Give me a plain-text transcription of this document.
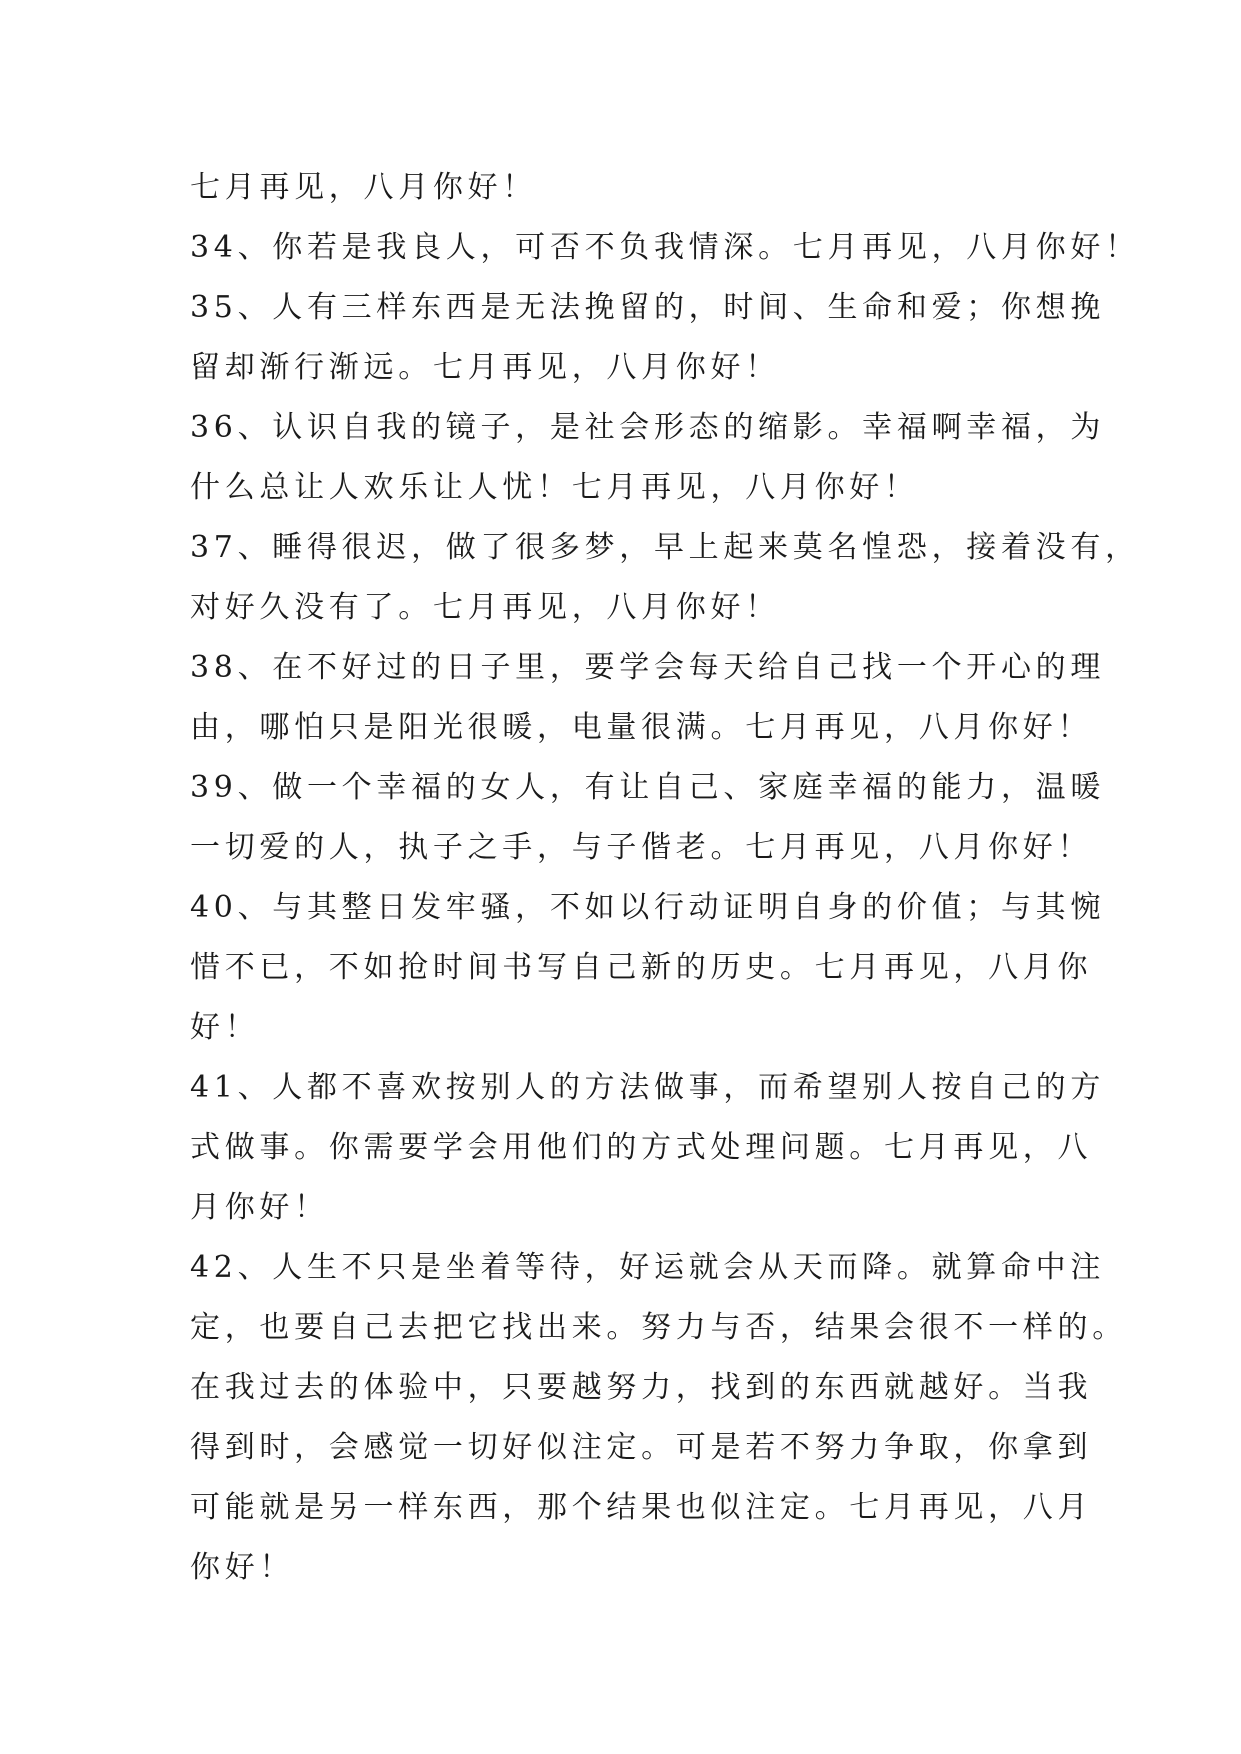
七月再见，八月你好！
34、你若是我良人，可否不负我情深。七月再见，八月你好！
35、人有三样东西是无法挽留的，时间、生命和爱；你想挽
留却渐行渐远。七月再见，八月你好！
36、认识自我的镜子，是社会形态的缩影。幸福啊幸福，为
什么总让人欢乐让人忧！七月再见，八月你好！
37、睡得很迟，做了很多梦，早上起来莫名惶恐，接着没有，
对好久没有了。七月再见，八月你好！
38、在不好过的日子里，要学会每天给自己找一个开心的理
由，哪怕只是阳光很暖，电量很满。七月再见，八月你好！
39、做一个幸福的女人，有让自己、家庭幸福的能力，温暖
一切爱的人，执子之手，与子偕老。七月再见，八月你好！
40、与其整日发牢骚，不如以行动证明自身的价值；与其惋
惜不已，不如抢时间书写自己新的历史。七月再见，八月你
好！
41、人都不喜欢按别人的方法做事，而希望别人按自己的方
式做事。你需要学会用他们的方式处理问题。七月再见，八
月你好！
42、人生不只是坐着等待，好运就会从天而降。就算命中注
定，也要自己去把它找出来。努力与否，结果会很不一样的。
在我过去的体验中，只要越努力，找到的东西就越好。当我
得到时，会感觉一切好似注定。可是若不努力争取，你拿到
可能就是另一样东西，那个结果也似注定。七月再见，八月
你好！
